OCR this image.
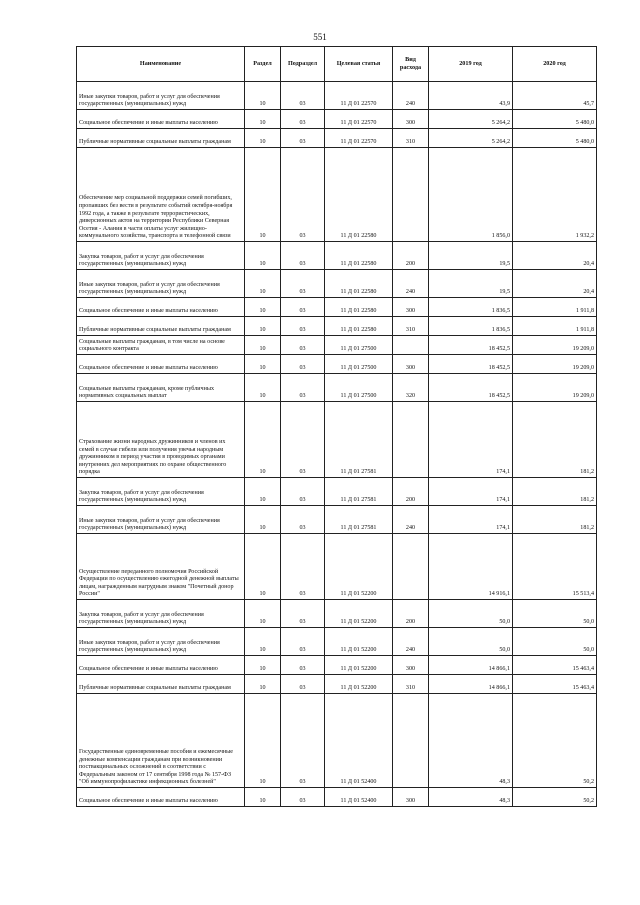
551
Наименование	Раздел	Подраздел	Целевая статья	Вид расхода	2019 год	2020 год
Иные закупки товаров, работ и услуг для обеспечения государственных (муниципальных) нужд	10	03	11 Д 01 22570	240	43,9	45,7
Социальное обеспечение и иные выплаты населению	10	03	11 Д 01 22570	300	5 264,2	5 480,0
Публичные нормативные социальные выплаты гражданам	10	03	11 Д 01 22570	310	5 264,2	5 480,0
Обеспечение мер социальной поддержки семей погибших, пропавших без вести в результате событий октября-ноября 1992 года, а также в результате террористических, диверсионных актов на территории Республики Северная Осетия - Алания в части оплаты услуг жилищно-коммунального хозяйства, транспорта и телефонной связи	10	03	11 Д 01 22580		1 856,0	1 932,2
Закупка товаров, работ и услуг для обеспечения государственных (муниципальных) нужд	10	03	11 Д 01 22580	200	19,5	20,4
Иные закупки товаров, работ и услуг для обеспечения государственных (муниципальных) нужд	10	03	11 Д 01 22580	240	19,5	20,4
Социальное обеспечение и иные выплаты населению	10	03	11 Д 01 22580	300	1 836,5	1 911,8
Публичные нормативные социальные выплаты гражданам	10	03	11 Д 01 22580	310	1 836,5	1 911,8
Социальные выплаты гражданам, в том числе на основе социального контракта	10	03	11 Д 01 27500		18 452,5	19 209,0
Социальное обеспечение и иные выплаты населению	10	03	11 Д 01 27500	300	18 452,5	19 209,0
Социальные выплаты гражданам, кроме публичных нормативных социальных выплат	10	03	11 Д 01 27500	320	18 452,5	19 209,0
Страхование жизни народных дружинников и членов их семей в случае гибели или получения увечья народным дружинником в период участия в проводимых органами внутренних дел мероприятиях по охране общественного порядка	10	03	11 Д 01 27581		174,1	181,2
Закупка товаров, работ и услуг для обеспечения государственных (муниципальных) нужд	10	03	11 Д 01 27581	200	174,1	181,2
Иные закупки товаров, работ и услуг для обеспечения государственных (муниципальных) нужд	10	03	11 Д 01 27581	240	174,1	181,2
Осуществление переданного полномочия Российской Федерации по осуществлению ежегодной денежной выплаты лицам, награжденным нагрудным знаком "Почетный донор России"	10	03	11 Д 01 52200		14 916,1	15 513,4
Закупка товаров, работ и услуг для обеспечения государственных (муниципальных) нужд	10	03	11 Д 01 52200	200	50,0	50,0
Иные закупки товаров, работ и услуг для обеспечения государственных (муниципальных) нужд	10	03	11 Д 01 52200	240	50,0	50,0
Социальное обеспечение и иные выплаты населению	10	03	11 Д 01 52200	300	14 866,1	15 463,4
Публичные нормативные социальные выплаты гражданам	10	03	11 Д 01 52200	310	14 866,1	15 463,4
Государственные единовременные пособия и ежемесячные денежные компенсации гражданам при возникновении поствакцинальных осложнений в соответствии с Федеральным законом от 17 сентября 1998 года № 157-ФЗ "Об иммунопрофилактике инфекционных болезней"	10	03	11 Д 01 52400		48,3	50,2
Социальное обеспечение и иные выплаты населению	10	03	11 Д 01 52400	300	48,3	50,2
